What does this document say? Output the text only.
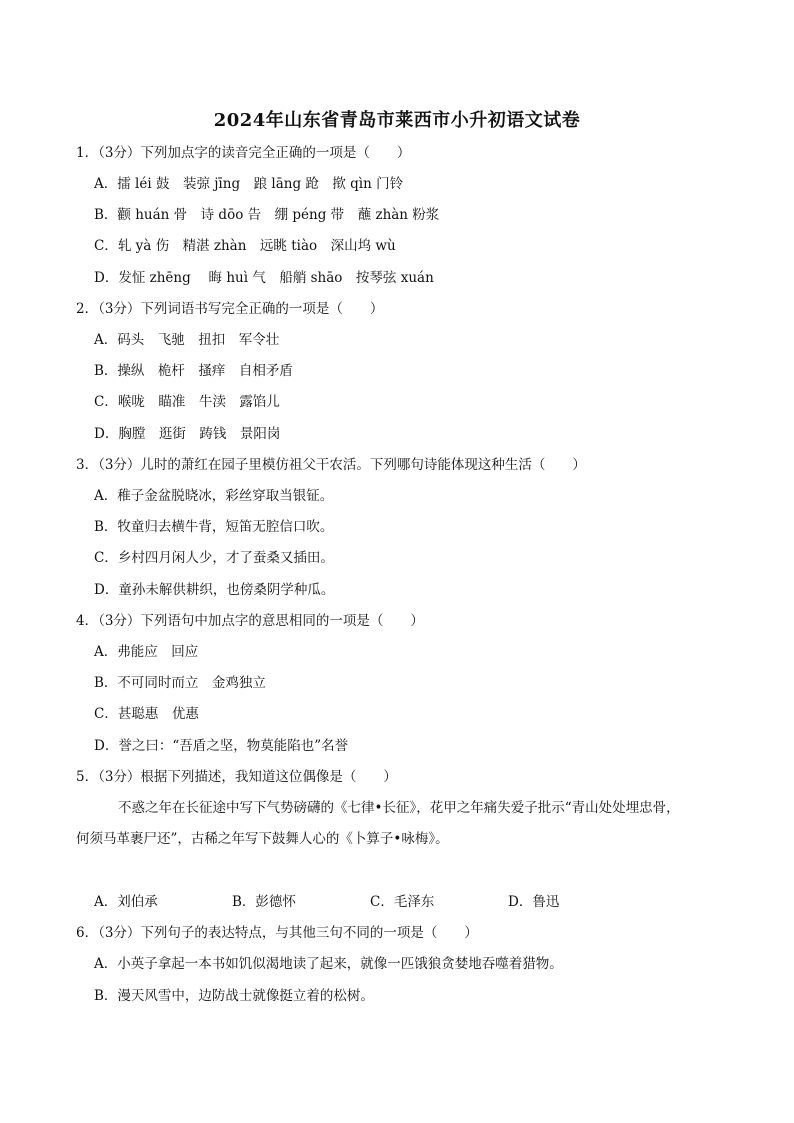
2024年山东省青岛市莱西市小升初语文试卷
1．（3分）下列加点字的读音完全正确的一项是（　　）
A．擂 léi 鼓　装弶 jīng　踉 lāng 跄　揿 qìn 门铃
B．颧 huán 骨　诗 dōo 告　绷 péng 带　蘸 zhàn 粉浆
C．轧 yà 伤　精湛 zhàn　远眺 tiào　深山坞 wù
D．发怔 zhēng　 晦 huì 气　船艄 shāo　按琴弦 xuán
2．（3分）下列词语书写完全正确的一项是（　　）
A．码头　飞驰　扭扣　军令壮
B．操纵　桅杆　搔痒　自相矛盾
C．喉咙　瞄准　牛渎　露馅儿
D．胸膛　逛街　踌钱　景阳岗
3．（3分）儿时的萧红在园子里模仿祖父干农活。下列哪句诗能体现这种生活（　　）
A．稚子金盆脱晓冰，彩丝穿取当银钲。
B．牧童归去横牛背，短笛无腔信口吹。
C．乡村四月闲人少，才了蚕桑又插田。
D．童孙未解供耕织，也傍桑阴学种瓜。
4．（3分）下列语句中加点字的意思相同的一项是（　　）
A．弗能应　回应
B．不可同时而立　金鸡独立
C．甚聪惠　优惠
D．誉之曰：“吾盾之坚，物莫能陷也”名誉
5．（3分）根据下列描述，我知道这位偶像是（　　）
不惑之年在长征途中写下气势磅礴的《七律•长征》，花甲之年痛失爱子批示“青山处处埋忠骨，
何须马革裹尸还”，古稀之年写下鼓舞人心的《卜算子•咏梅》。
A．刘伯承	B．彭德怀	C．毛泽东	D．鲁迅
6．（3分）下列句子的表达特点，与其他三句不同的一项是（　　）
A．小英子拿起一本书如饥似渴地读了起来，就像一匹饿狼贪婪地吞噬着猎物。
B．漫天风雪中，边防战士就像挺立着的松树。
